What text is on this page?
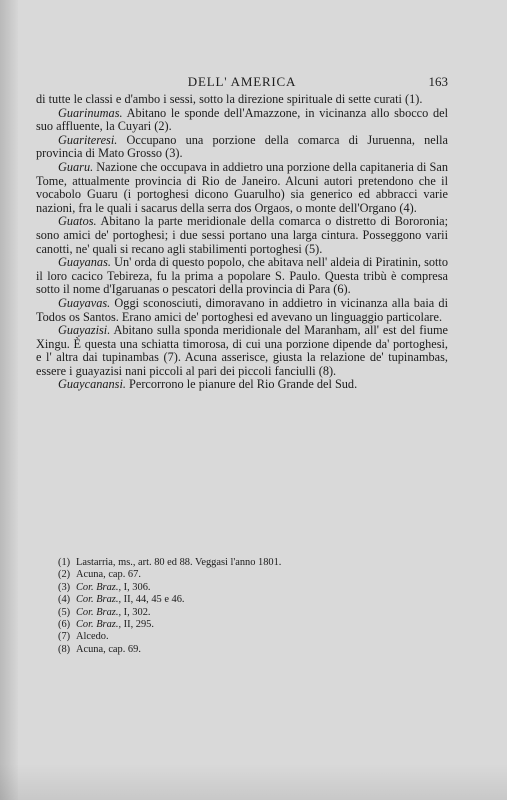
DELL' AMERICA	163

di tutte le classi e d'ambo i sessi, sotto la direzione spirituale di sette curati (1).

Guarinumas. Abitano le sponde dell'Amazzone, in vicinanza allo sbocco del suo affluente, la Cuyari (2).

Guariteresi. Occupano una porzione della comarca di Juruenna, nella provincia di Mato Grosso (3).

Guaru. Nazione che occupava in addietro una porzione della capitaneria di San Tome, attualmente provincia di Rio de Janeiro. Alcuni autori pretendono che il vocabolo Guaru (i portoghesi dicono Guarulho) sia generico ed abbracci varie nazioni, fra le quali i sacarus della serra dos Orgaos, o monte dell'Organo (4).

Guatos. Abitano la parte meridionale della comarca o distretto di Bororonia; sono amici de' portoghesi; i due sessi portano una larga cintura. Posseggono varii canotti, ne' quali si recano agli stabilimenti portoghesi (5).

Guayanas. Un' orda di questo popolo, che abitava nell' aldeia di Piratinin, sotto il loro cacico Tebireza, fu la prima a popolare S. Paulo. Questa tribù è compresa sotto il nome d'Igaruanas o pescatori della provincia di Para (6).

Guayavas. Oggi sconosciuti, dimoravano in addietro in vicinanza alla baia di Todos os Santos. Erano amici de' portoghesi ed avevano un linguaggio particolare.

Guayazisi. Abitano sulla sponda meridionale del Maranham, all' est del fiume Xingu. È questa una schiatta timorosa, di cui una porzione dipende da' portoghesi, e l' altra dai tupinambas (7). Acuna asserisce, giusta la relazione de' tupinambas, essere i guayazisi nani piccoli al pari dei piccoli fanciulli (8).

Guaycanansi. Percorrono le pianure del Rio Grande del Sud.

(1) Lastarria, ms., art. 80 ed 88. Veggasi l'anno 1801.
(2) Acuna, cap. 67.
(3) Cor. Braz., I, 306.
(4) Cor. Braz., II, 44, 45 e 46.
(5) Cor. Braz., I, 302.
(6) Cor. Braz., II, 295.
(7) Alcedo.
(8) Acuna, cap. 69.
